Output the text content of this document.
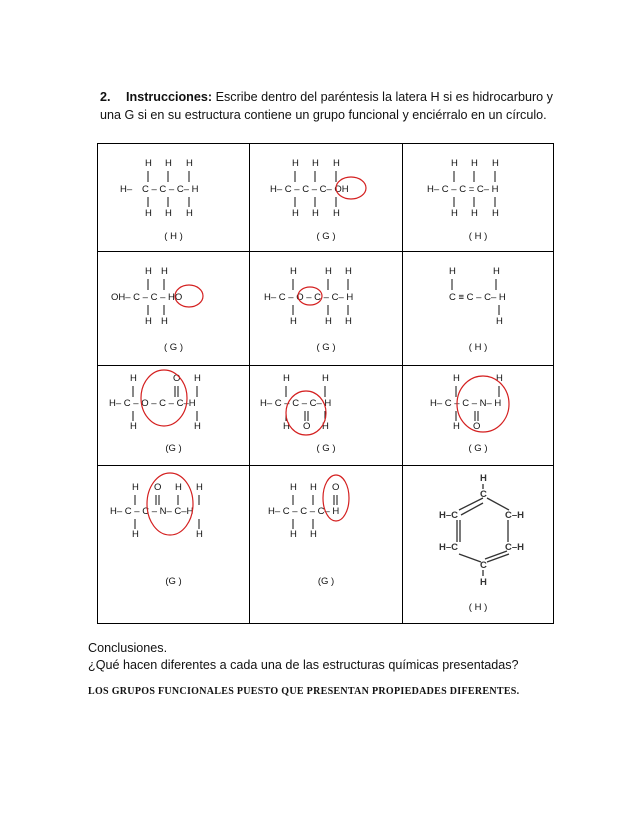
2. Instrucciones: Escribe dentro del paréntesis la latera H si es hidrocarburo y una G si en su estructura contiene un grupo funcional y enciérralo en un círculo.
H H H
H– C – C – C– H
H H H
( H )
H H H
H– C – C – C– OH
H H H
( G )
H H H
H– C – C = C– H
H H H
( H )
H H
OH– C – C – HO
H H
( G )
H	H H
H– C – O – C – C– H
H	H H
( G )
H	H
C ≡ C – C– H
H
( H )
H	O H
H– C – O – C – C–H
H	H
(G )
H	H
H– C – C – C– H
H O H
( G )
H	H
H– C – C – N– H
H O
( G )
H O H H
H– C – C – N– C–H
H	H
(G )
H H O
H– C – C – C– H
H H
(G )
H
C
H–C	C–H
H–C	C–H
C
H
( H )
Conclusiones.
¿Qué hacen diferentes a cada una de las estructuras químicas presentadas?
LOS GRUPOS FUNCIONALES PUESTO QUE PRESENTAN PROPIEDADES DIFERENTES.
